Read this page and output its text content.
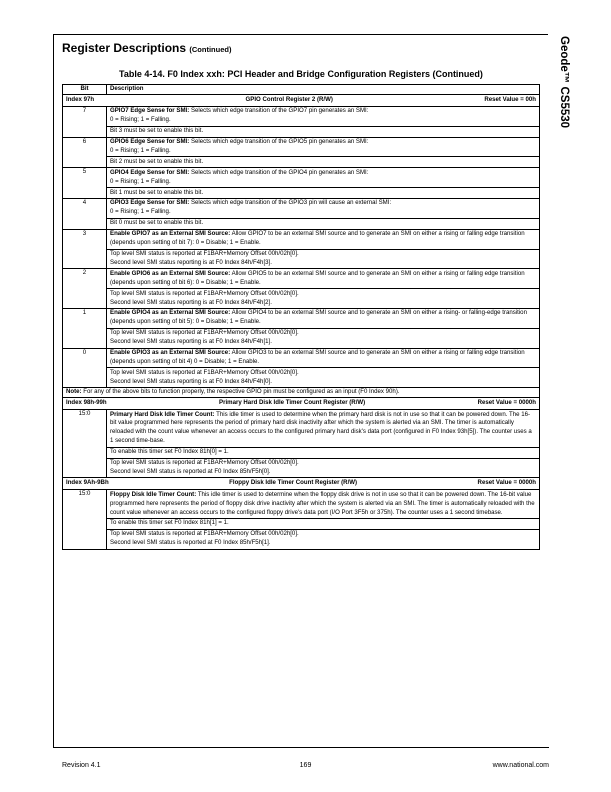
Geode™ CS5530
Register Descriptions (Continued)
Table 4-14. F0 Index xxh: PCI Header and Bridge Configuration Registers (Continued)
Bit	Description

Index 97h GPIO Control Register 2 (R/W) Reset Value = 00h	

7	GPIO7 Edge Sense for SMI: Selects which edge transition of the GPIO7 pin generates an SMI:
0 = Rising; 1 = Falling.
Bit 3 must be set to enable this bit.

6	GPIO6 Edge Sense for SMI: Selects which edge transition of the GPIO5 pin generates an SMI:
0 = Rising; 1 = Falling.
Bit 2 must be set to enable this bit.

5	GPIO4 Edge Sense for SMI: Selects which edge transition of the GPIO4 pin generates an SMI:
0 = Rising; 1 = Falling.
Bit 1 must be set to enable this bit.

4	GPIO3 Edge Sense for SMI: Selects which edge transition of the GPIO3 pin will cause an external SMI:
0 = Rising; 1 = Falling.
Bit 0 must be set to enable this bit.

3	Enable GPIO7 as an External SMI Source: Allow GPIO7 to be an external SMI source and to generate an SMI on either a rising or falling edge transition (depends upon setting of bit 7): 0 = Disable; 1 = Enable.
Top level SMI status is reported at F1BAR+Memory Offset 00h/02h[0].
Second level SMI status reporting is at F0 Index 84h/F4h[3].

2	Enable GPIO6 as an External SMI Source: Allow GPIO5 to be an external SMI source and to generate an SMI on either a rising or falling edge transition (depends upon setting of bit 6): 0 = Disable; 1 = Enable.
Top level SMI status is reported at F1BAR+Memory Offset 00h/02h[0].
Second level SMI status reporting is at F0 Index 84h/F4h[2].

1	Enable GPIO4 as an External SMI Source: Allow GPIO4 to be an external SMI source and to generate an SMI on either a rising- or falling-edge transition (depends upon setting of bit 5): 0 = Disable; 1 = Enable.
Top level SMI status is reported at F1BAR+Memory Offset 00h/02h[0].
Second level SMI status reporting is at F0 Index 84h/F4h[1].

0	Enable GPIO3 as an External SMI Source: Allow GPIO3 to be an external SMI source and to generate an SMI on either a rising or falling edge transition (depends upon setting of bit 4) 0 = Disable; 1 = Enable.
Top level SMI status is reported at F1BAR+Memory Offset 00h/02h[0].
Second level SMI status reporting is at F0 Index 84h/F4h[0].

Note: For any of the above bits to function properly, the respective GPIO pin must be configured as an input (F0 Index 90h).	

Index 98h-99h Primary Hard Disk Idle Timer Count Register (R/W) Reset Value = 0000h	

15:0	Primary Hard Disk Idle Timer Count: This idle timer is used to determine when the primary hard disk is not in use so that it can be powered down. The 16-bit value programmed here represents the period of primary hard disk inactivity after which the system is alerted via an SMI. The timer is automatically reloaded with the count value whenever an access occurs to the configured primary hard disk's data port (configured in F0 Index 93h[5]). The counter uses a 1 second time-base.
To enable this timer set F0 Index 81h[0] = 1.
Top level SMI status is reported at F1BAR+Memory Offset 00h/02h[0].
Second level SMI status is reported at F0 Index 85h/F5h[0].

Index 9Ah-9Bh Floppy Disk Idle Timer Count Register (R/W) Reset Value = 0000h	

15:0	Floppy Disk Idle Timer Count: This idle timer is used to determine when the floppy disk drive is not in use so that it can be powered down. The 16-bit value programmed here represents the period of floppy disk drive inactivity after which the system is alerted via an SMI. The timer is automatically reloaded with the count value whenever an access occurs to the configured floppy drive's data port (I/O Port 3F5h or 375h). The counter uses a 1 second timebase.
To enable this timer set F0 Index 81h[1] = 1.
Top level SMI status is reported at F1BAR+Memory Offset 00h/02h[0].
Second level SMI status is reported at F0 Index 85h/F5h[1].
Revision 4.1	169	www.national.com
